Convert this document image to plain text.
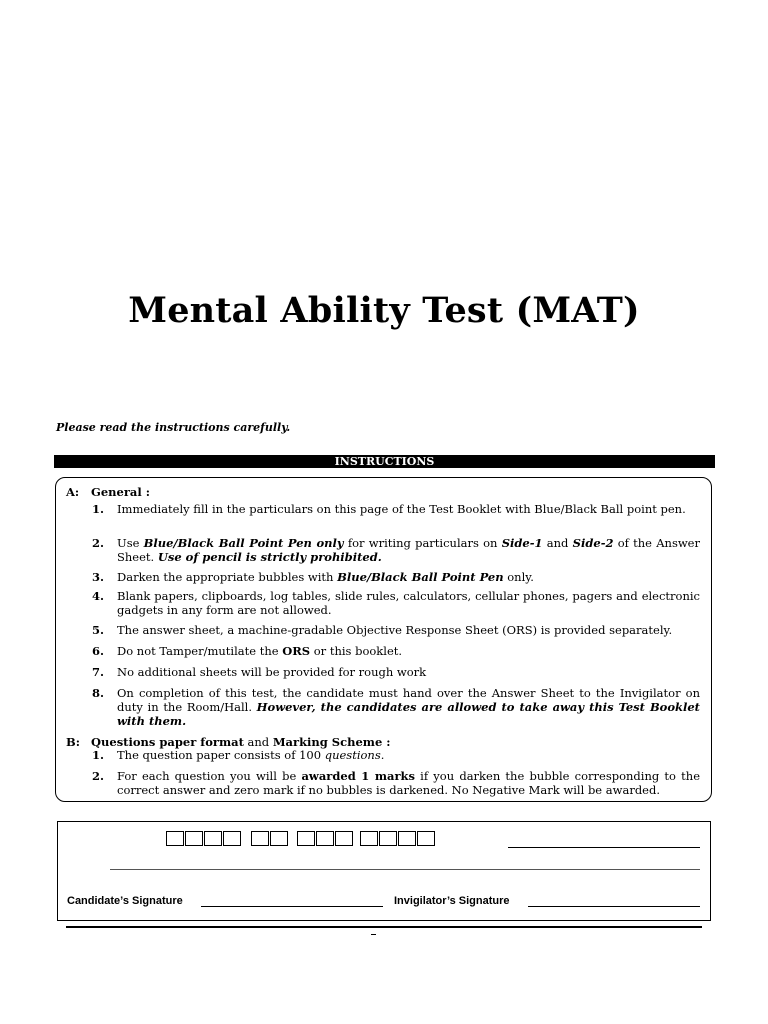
Mental Ability Test (MAT)
Please read the instructions carefully.
INSTRUCTIONS
A: General :
1. Immediately fill in the particulars on this page of the Test Booklet with Blue/Black Ball point pen.
2. Use Blue/Black Ball Point Pen only for writing particulars on Side-1 and Side-2 of the Answer Sheet. Use of pencil is strictly prohibited.
3. Darken the appropriate bubbles with Blue/Black Ball Point Pen only.
4. Blank papers, clipboards, log tables, slide rules, calculators, cellular phones, pagers and electronic gadgets in any form are not allowed.
5. The answer sheet, a machine-gradable Objective Response Sheet (ORS) is provided separately.
6. Do not Tamper/mutilate the ORS or this booklet.
7. No additional sheets will be provided for rough work
8. On completion of this test, the candidate must hand over the Answer Sheet to the Invigilator on duty in the Room/Hall. However, the candidates are allowed to take away this Test Booklet with them.
B: Questions paper format and Marking Scheme :
1. The question paper consists of 100 questions.
2. For each question you will be awarded 1 marks if you darken the bubble corresponding to the correct answer and zero mark if no bubbles is darkened. No Negative Mark will be awarded.
Candidate’s Signature	Invigilator’s Signature
